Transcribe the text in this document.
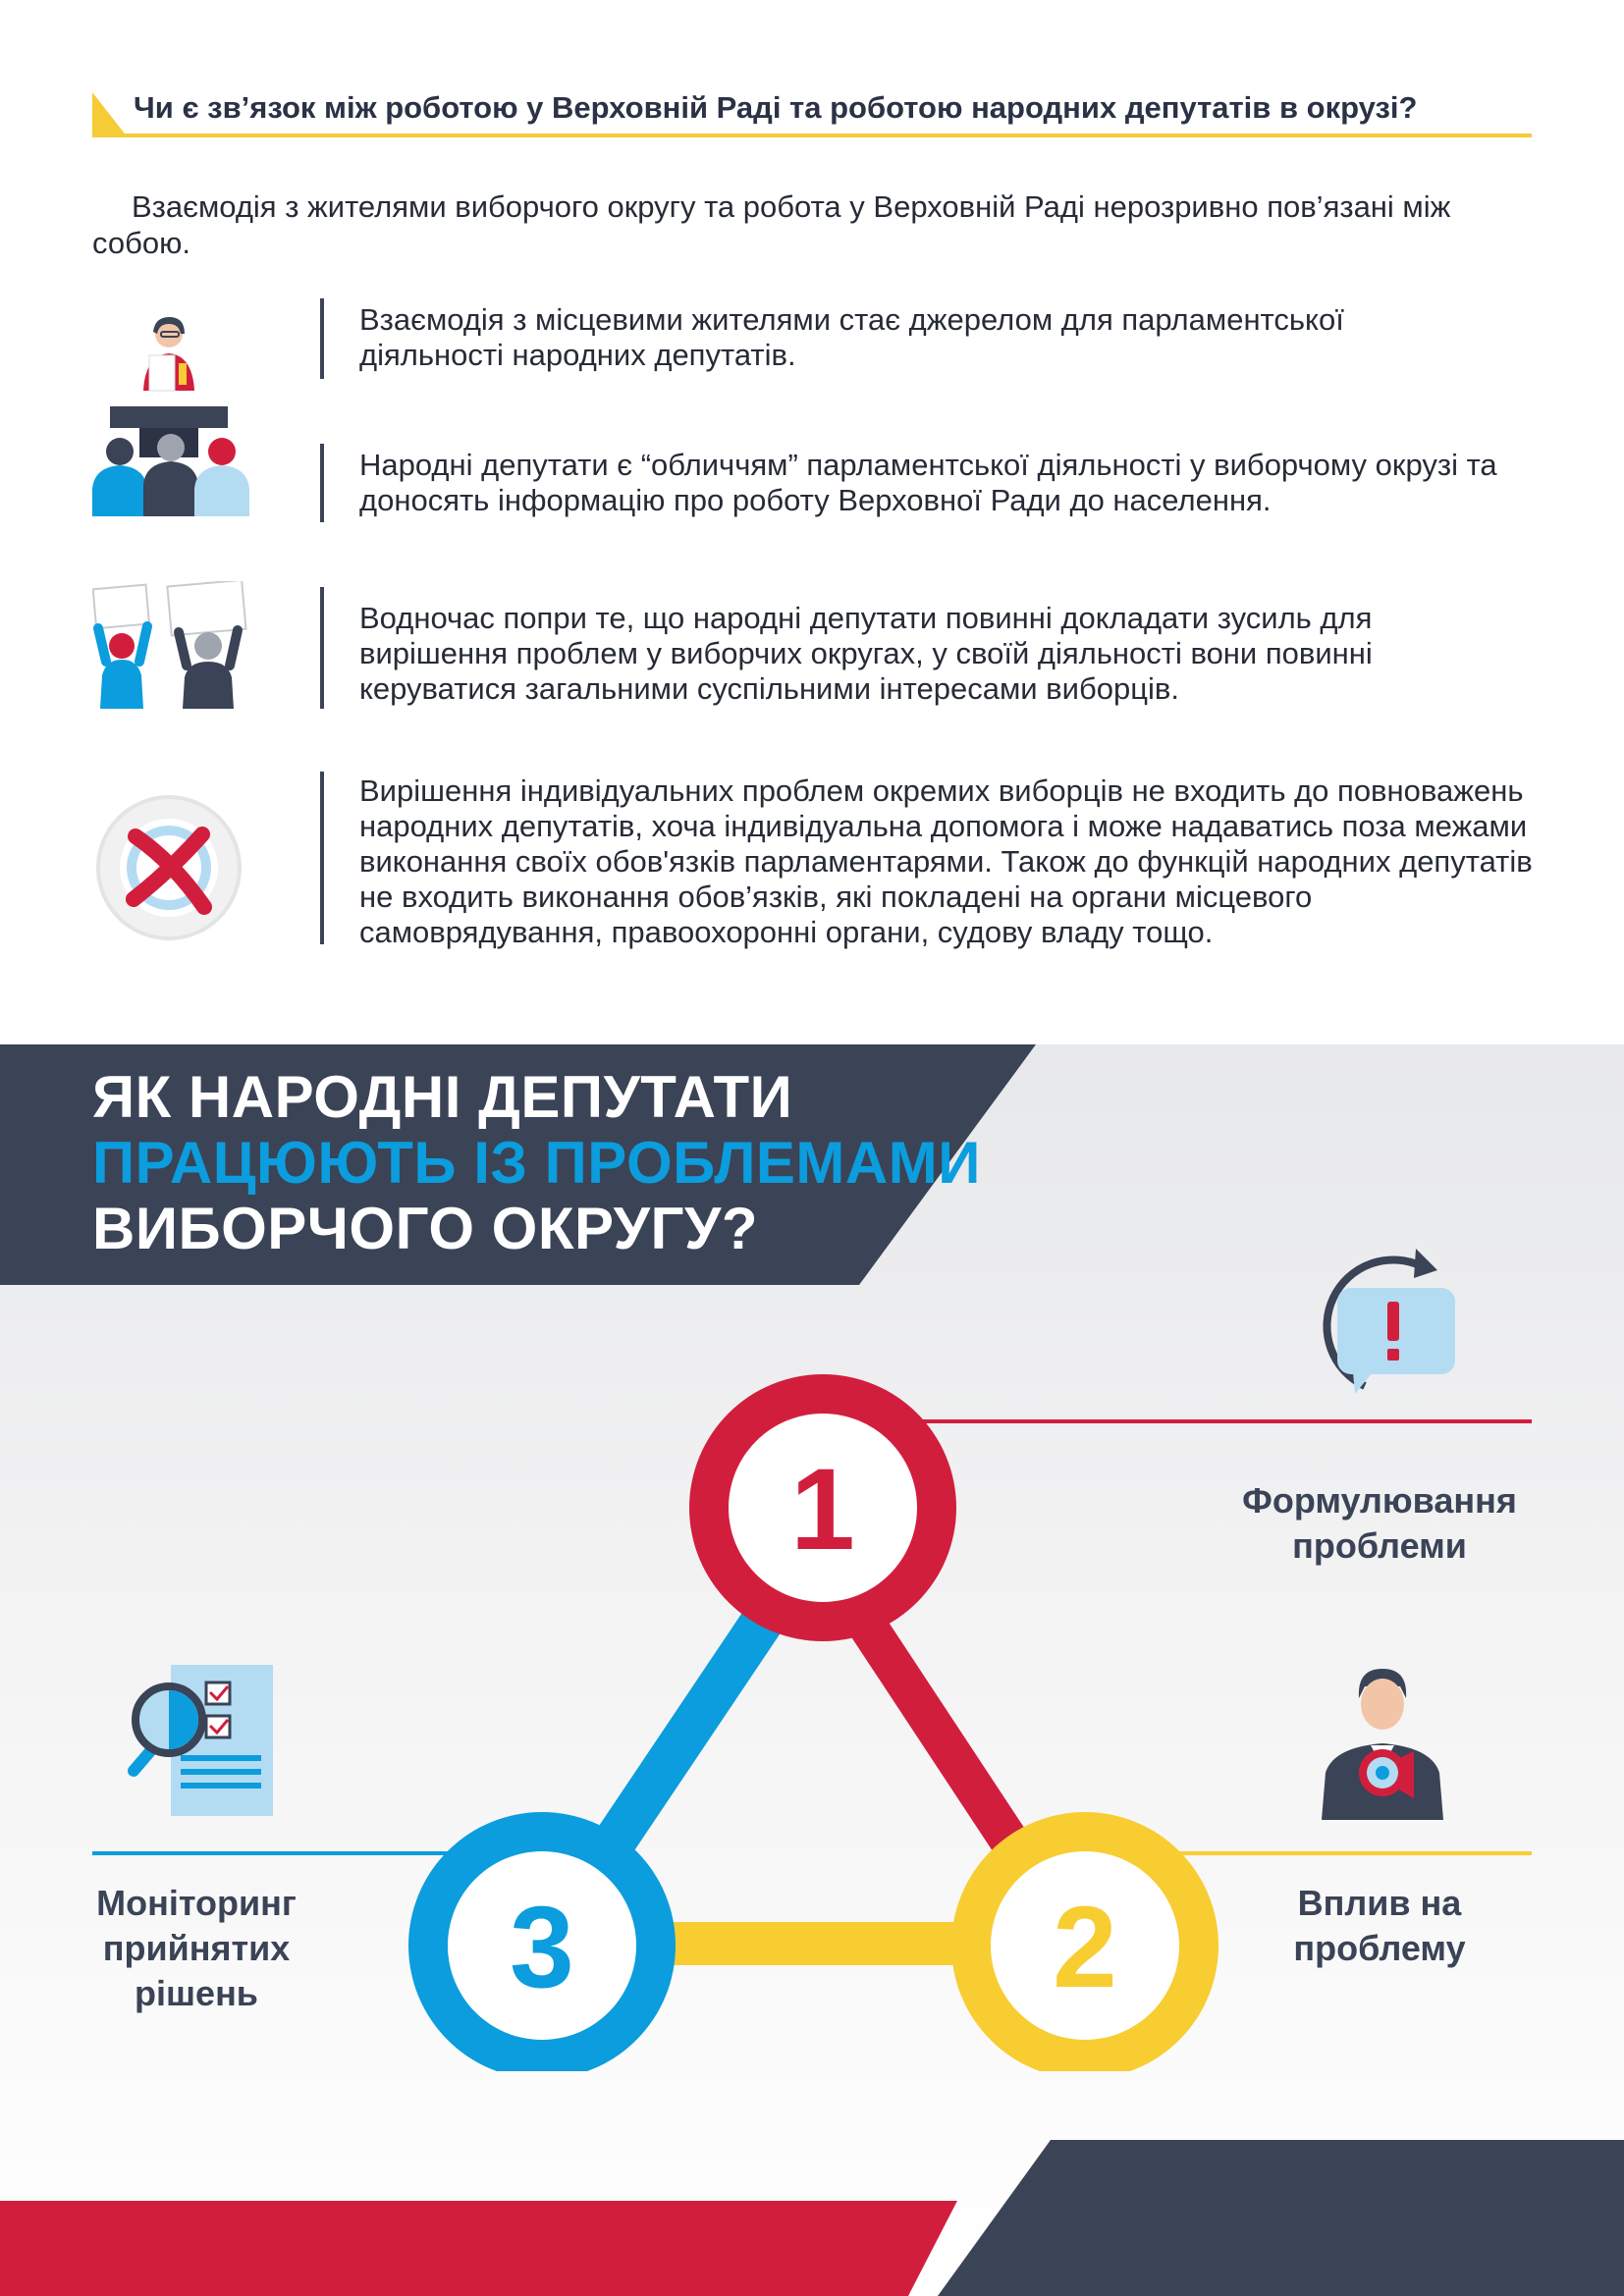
Чи є зв’язок між роботою у Верховній Раді та роботою народних депутатів в окрузі?
Взаємодія з жителями виборчого округу та робота у Верховній Раді нерозривно пов’язані між собою.
Взаємодія з місцевими жителями стає джерелом для парламентської діяльності народних депутатів.
Народні депутати є “обличчям” парламентської діяльності у виборчому окрузі та доносять інформацію про роботу Верховної Ради до населення.
Водночас попри те, що народні депутати повинні докладати зусиль для вирішення проблем у виборчих округах, у своїй діяльності вони повинні керуватися загальними суспільними інтересами виборців.
Вирішення індивідуальних проблем окремих виборців не входить до повноважень народних депутатів, хоча індивідуальна допомога і може надаватись поза межами виконання своїх обов'язків парламентарями. Також до функцій народних депутатів не входить виконання обов’язків, які покладені на органи місцевого самоврядування, правоохоронні органи, судову владу тощо.
ЯК НАРОДНІ ДЕПУТАТИ
ПРАЦЮЮТЬ ІЗ ПРОБЛЕМАМИ
ВИБОРЧОГО ОКРУГУ?
1
2
3
Формулювання
проблеми
Вплив на
проблему
Моніторинг
прийнятих
рішень
